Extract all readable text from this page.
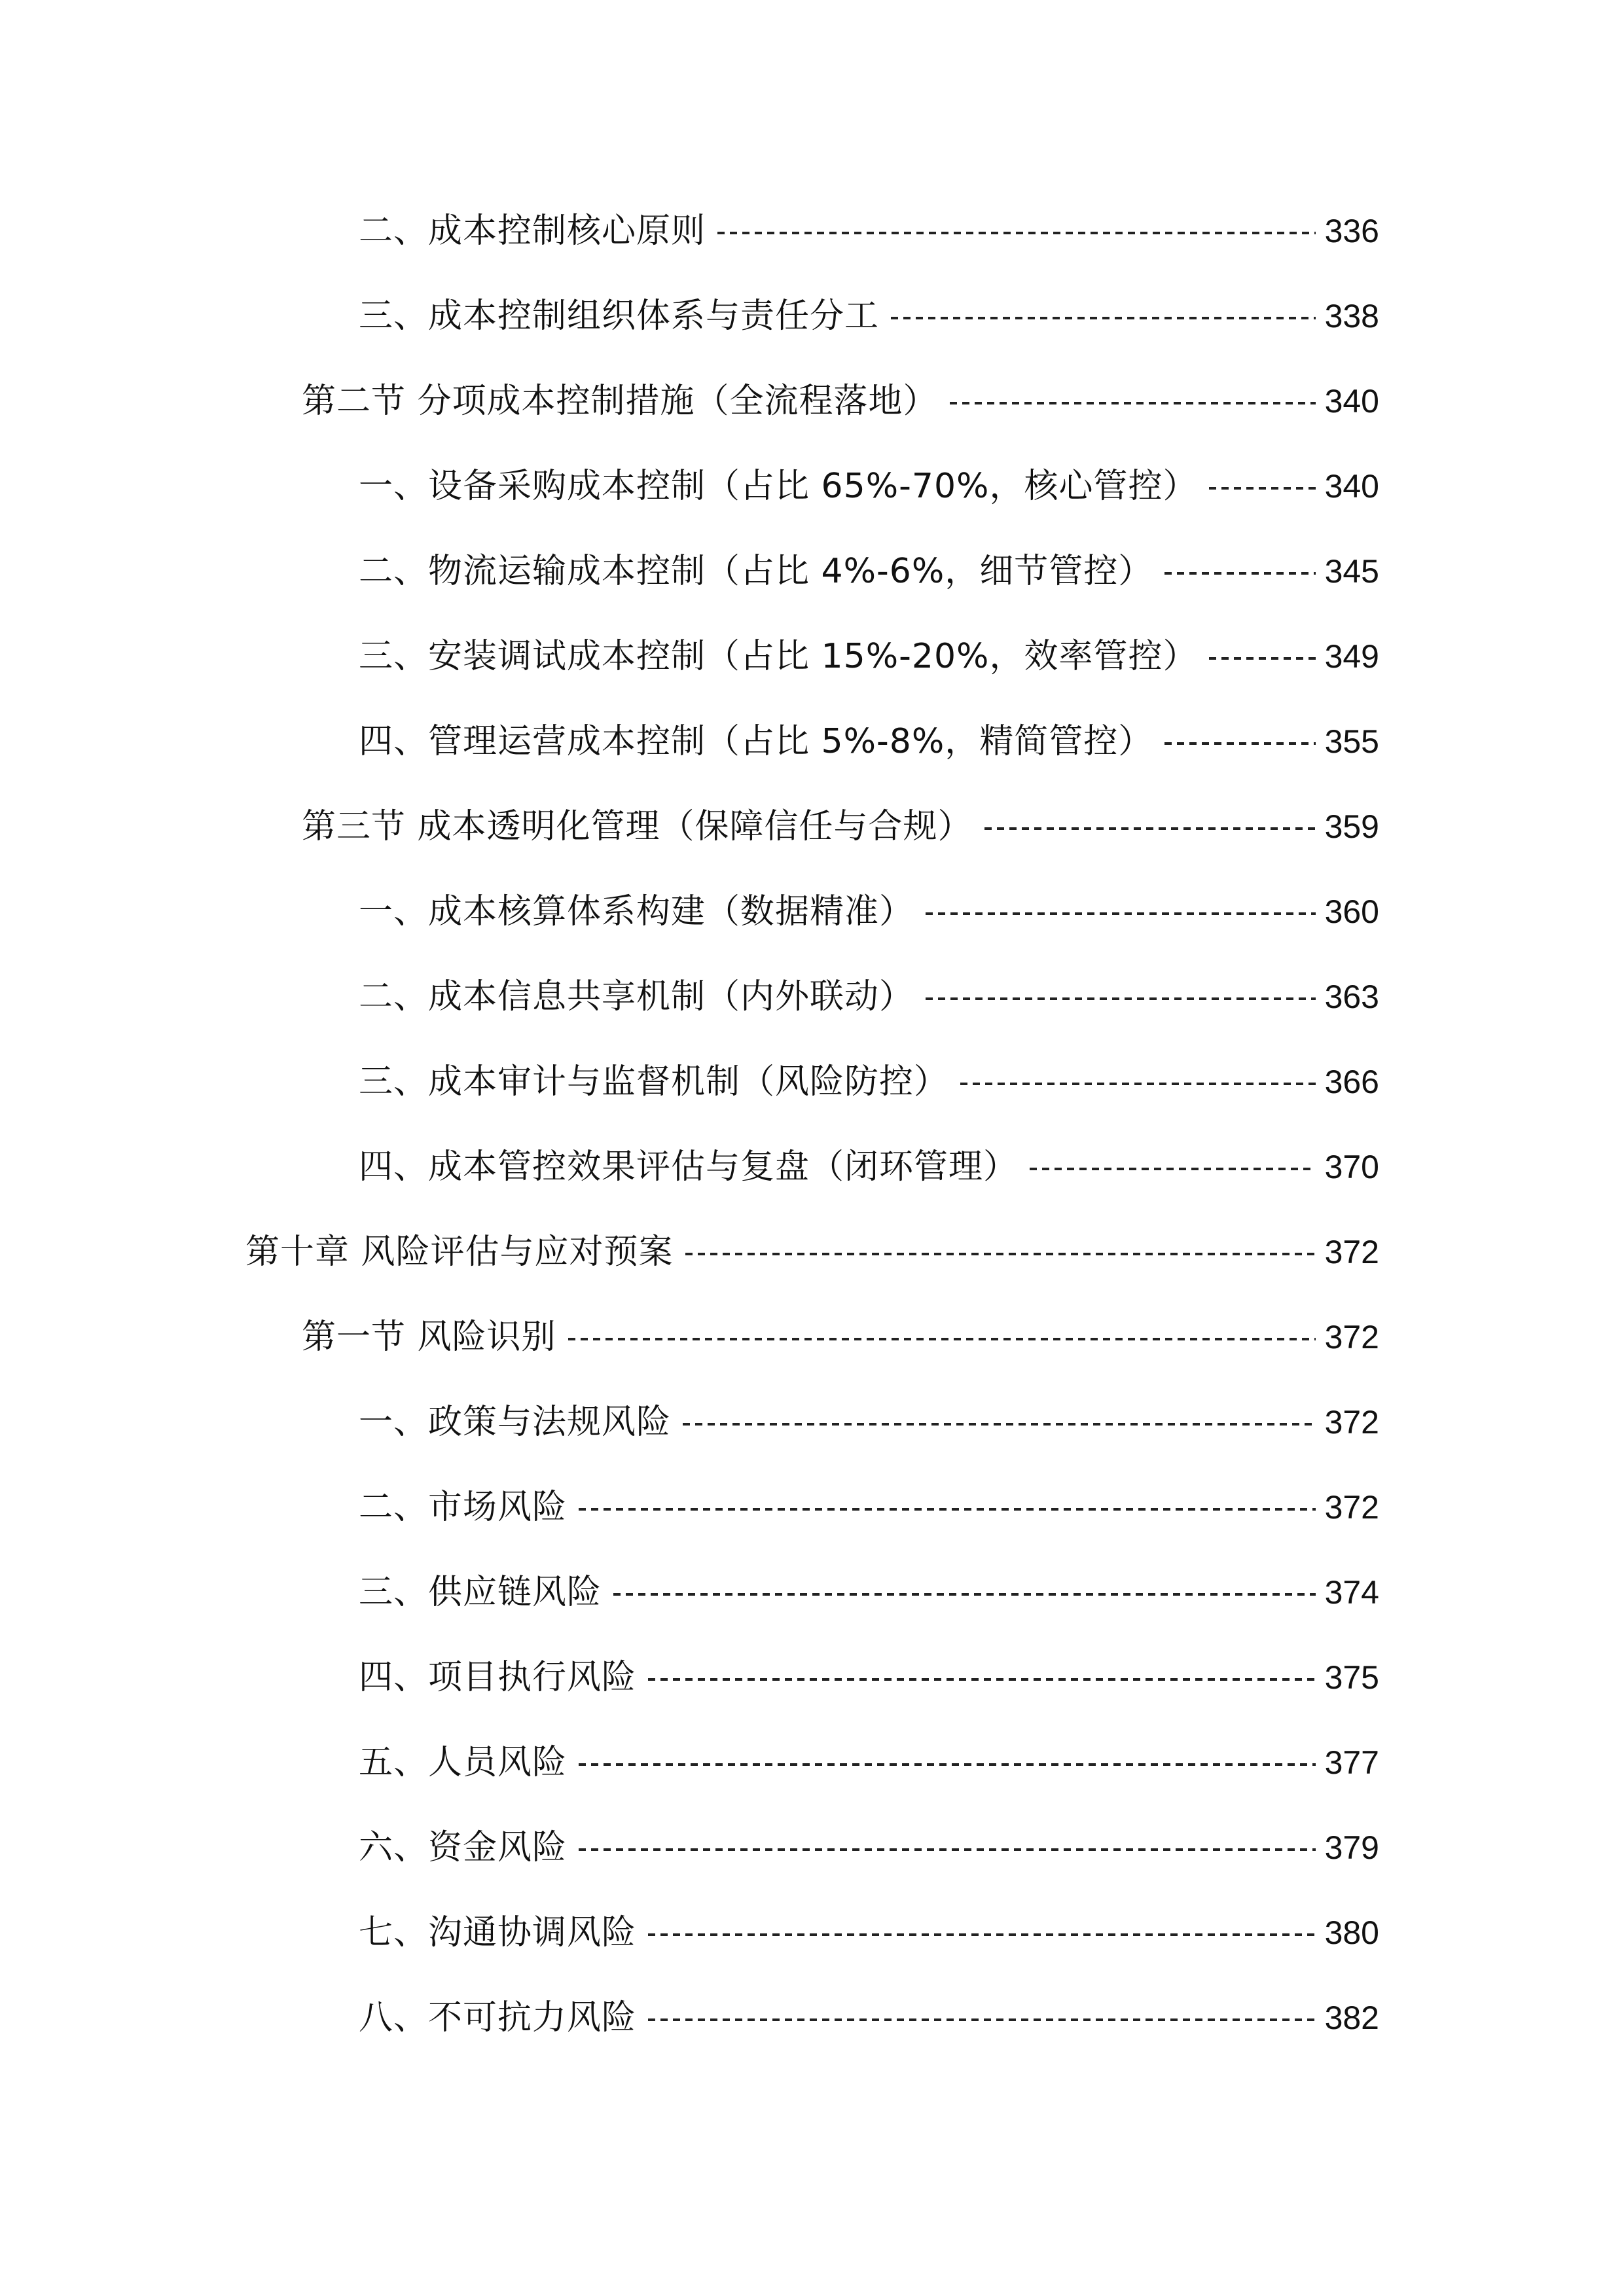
二、成本控制核心原则	336
三、成本控制组织体系与责任分工	338
第二节 分项成本控制措施（全流程落地）	340
一、设备采购成本控制（占比 65%-70%，核心管控）	340
二、物流运输成本控制（占比 4%-6%，细节管控）	345
三、安装调试成本控制（占比 15%-20%，效率管控）	349
四、管理运营成本控制（占比 5%-8%，精简管控）	355
第三节 成本透明化管理（保障信任与合规）	359
一、成本核算体系构建（数据精准）	360
二、成本信息共享机制（内外联动）	363
三、成本审计与监督机制（风险防控）	366
四、成本管控效果评估与复盘（闭环管理）	370
第十章 风险评估与应对预案	372
第一节 风险识别	372
一、政策与法规风险	372
二、市场风险	372
三、供应链风险	374
四、项目执行风险	375
五、人员风险	377
六、资金风险	379
七、沟通协调风险	380
八、不可抗力风险	382
